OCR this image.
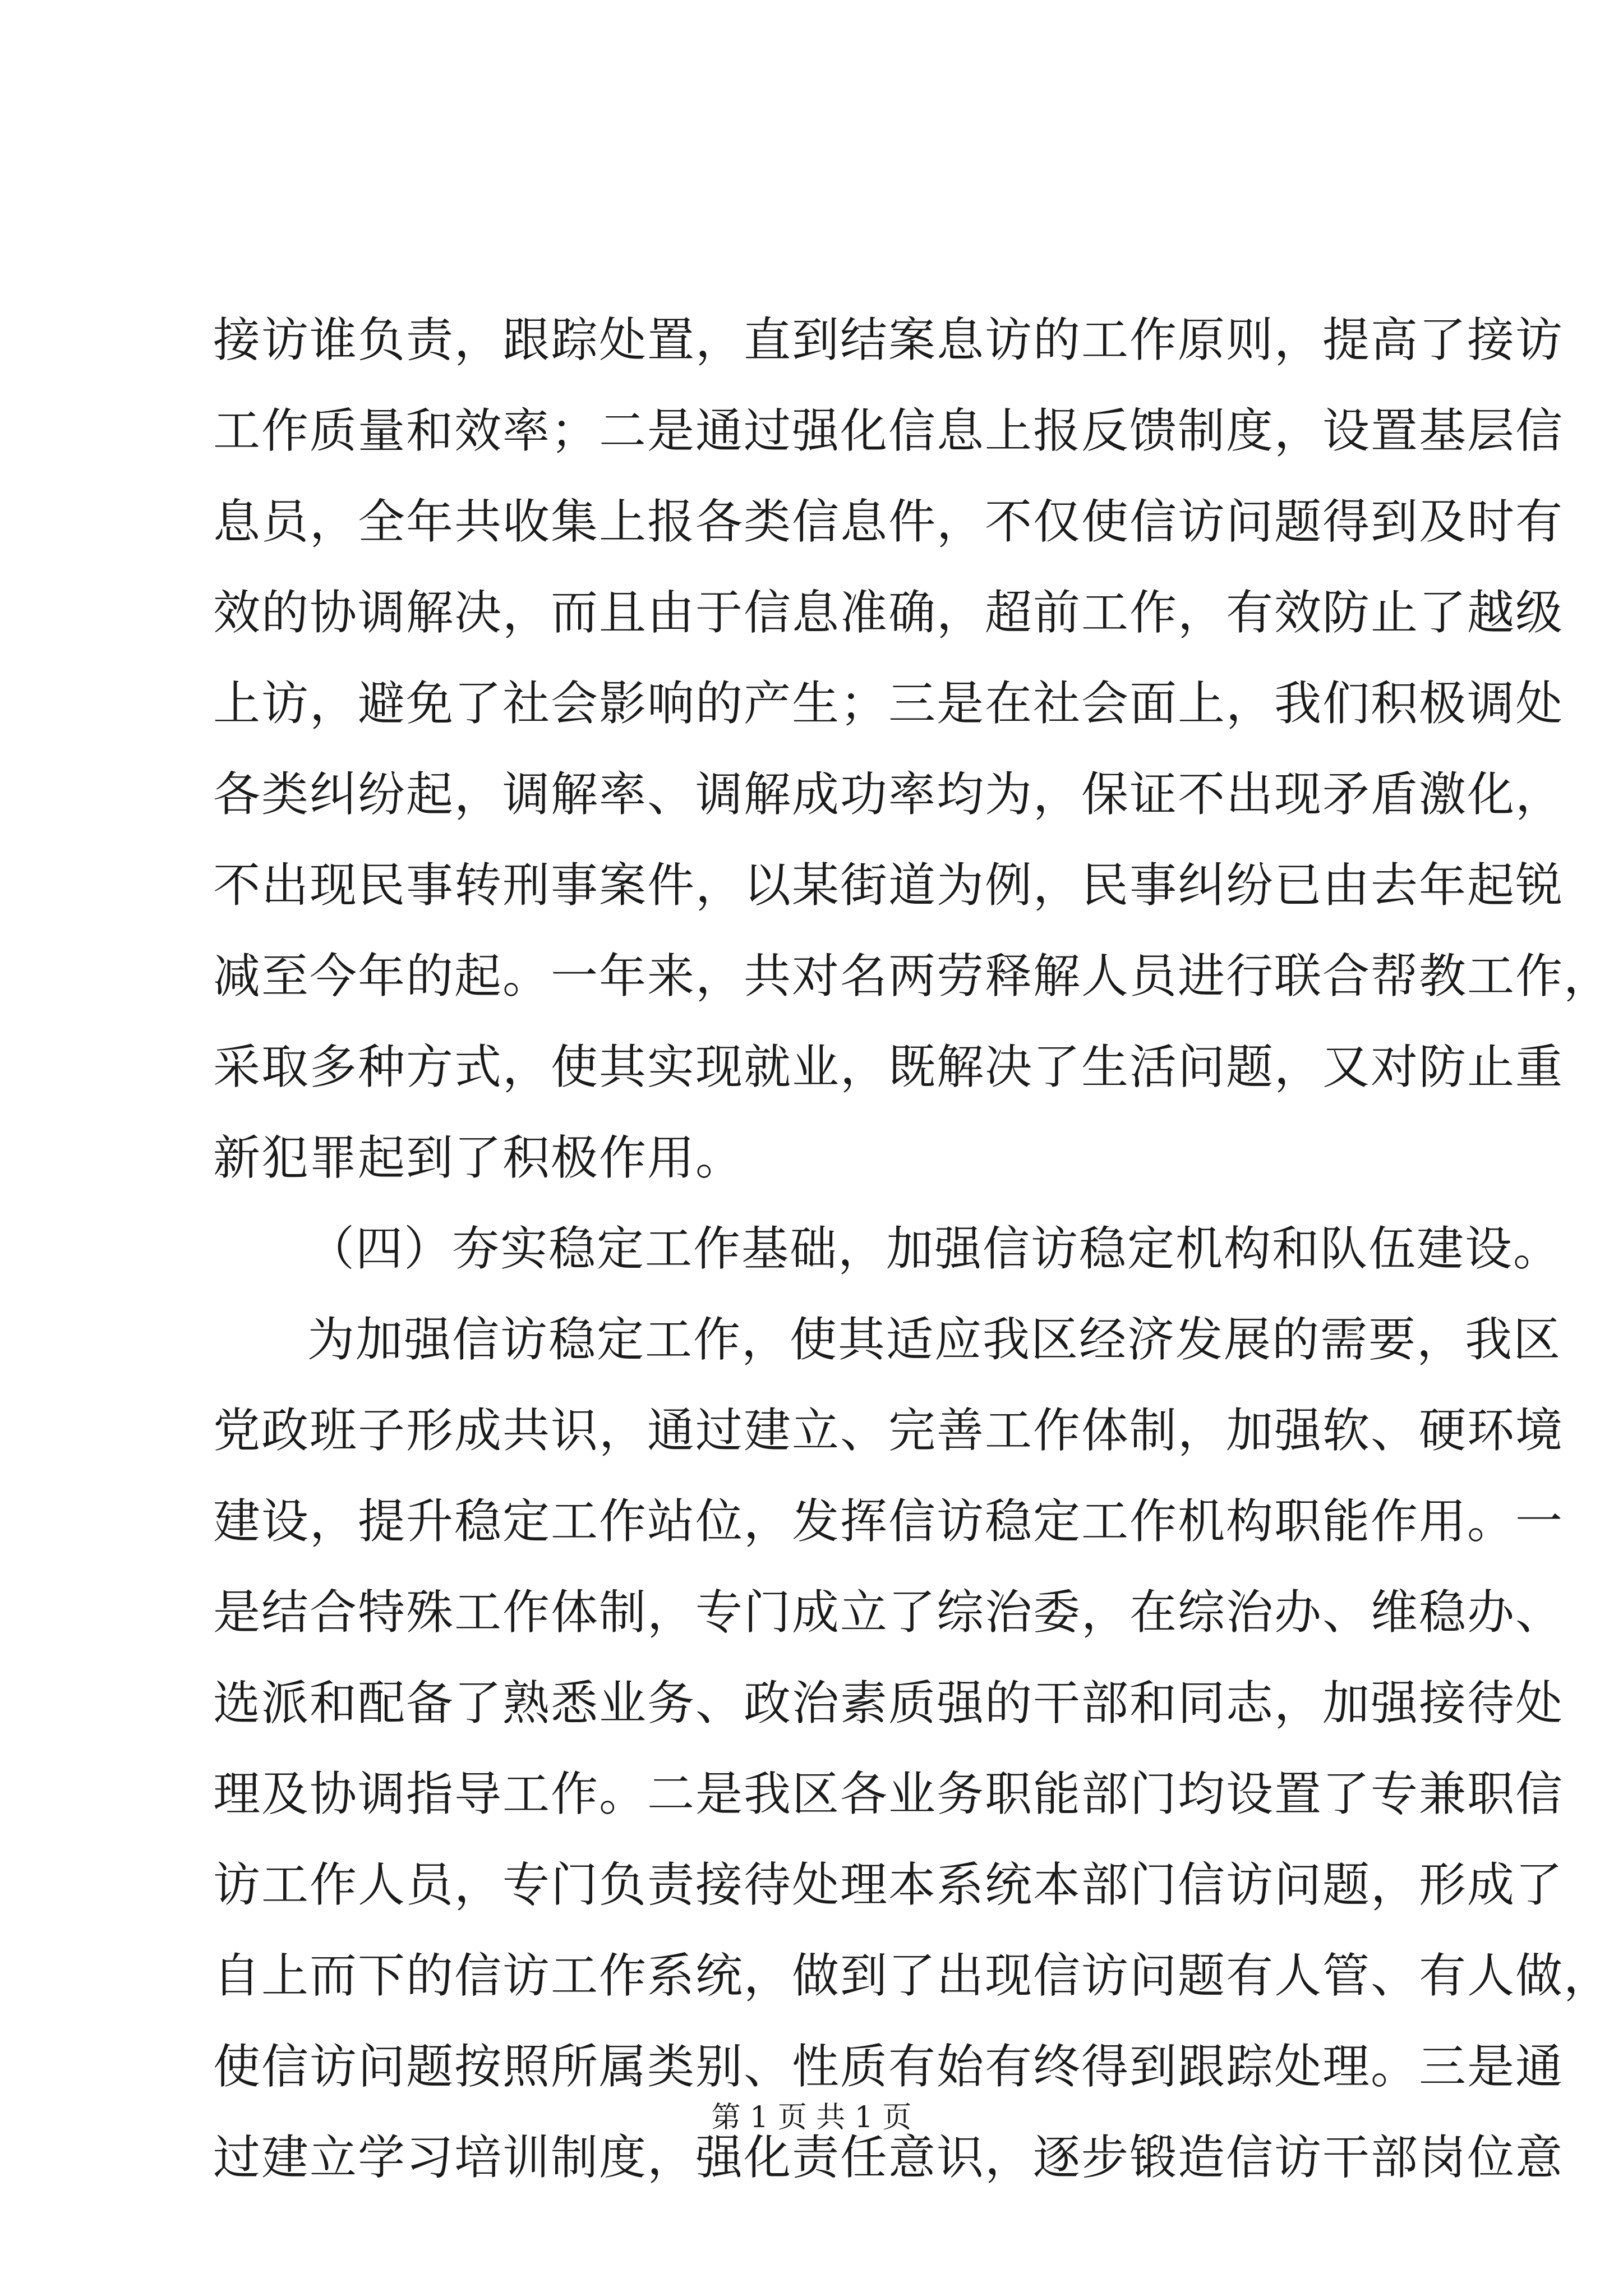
接访谁负责，跟踪处置，直到结案息访的工作原则，提高了接访
工作质量和效率；二是通过强化信息上报反馈制度，设置基层信
息员，全年共收集上报各类信息件，不仅使信访问题得到及时有
效的协调解决，而且由于信息准确，超前工作，有效防止了越级
上访，避免了社会影响的产生；三是在社会面上，我们积极调处
各类纠纷起，调解率、调解成功率均为，保证不出现矛盾激化，
不出现民事转刑事案件，以某街道为例，民事纠纷已由去年起锐
减至今年的起。一年来，共对名两劳释解人员进行联合帮教工作，
采取多种方式，使其实现就业，既解决了生活问题，又对防止重
新犯罪起到了积极作用。
（四）夯实稳定工作基础，加强信访稳定机构和队伍建设。
为加强信访稳定工作，使其适应我区经济发展的需要，我区
党政班子形成共识，通过建立、完善工作体制，加强软、硬环境
建设，提升稳定工作站位，发挥信访稳定工作机构职能作用。一
是结合特殊工作体制，专门成立了综治委，在综治办、维稳办、
选派和配备了熟悉业务、政治素质强的干部和同志，加强接待处
理及协调指导工作。二是我区各业务职能部门均设置了专兼职信
访工作人员，专门负责接待处理本系统本部门信访问题，形成了
自上而下的信访工作系统，做到了出现信访问题有人管、有人做，
使信访问题按照所属类别、性质有始有终得到跟踪处理。三是通
过建立学习培训制度，强化责任意识，逐步锻造信访干部岗位意
第 1 页 共 1 页
